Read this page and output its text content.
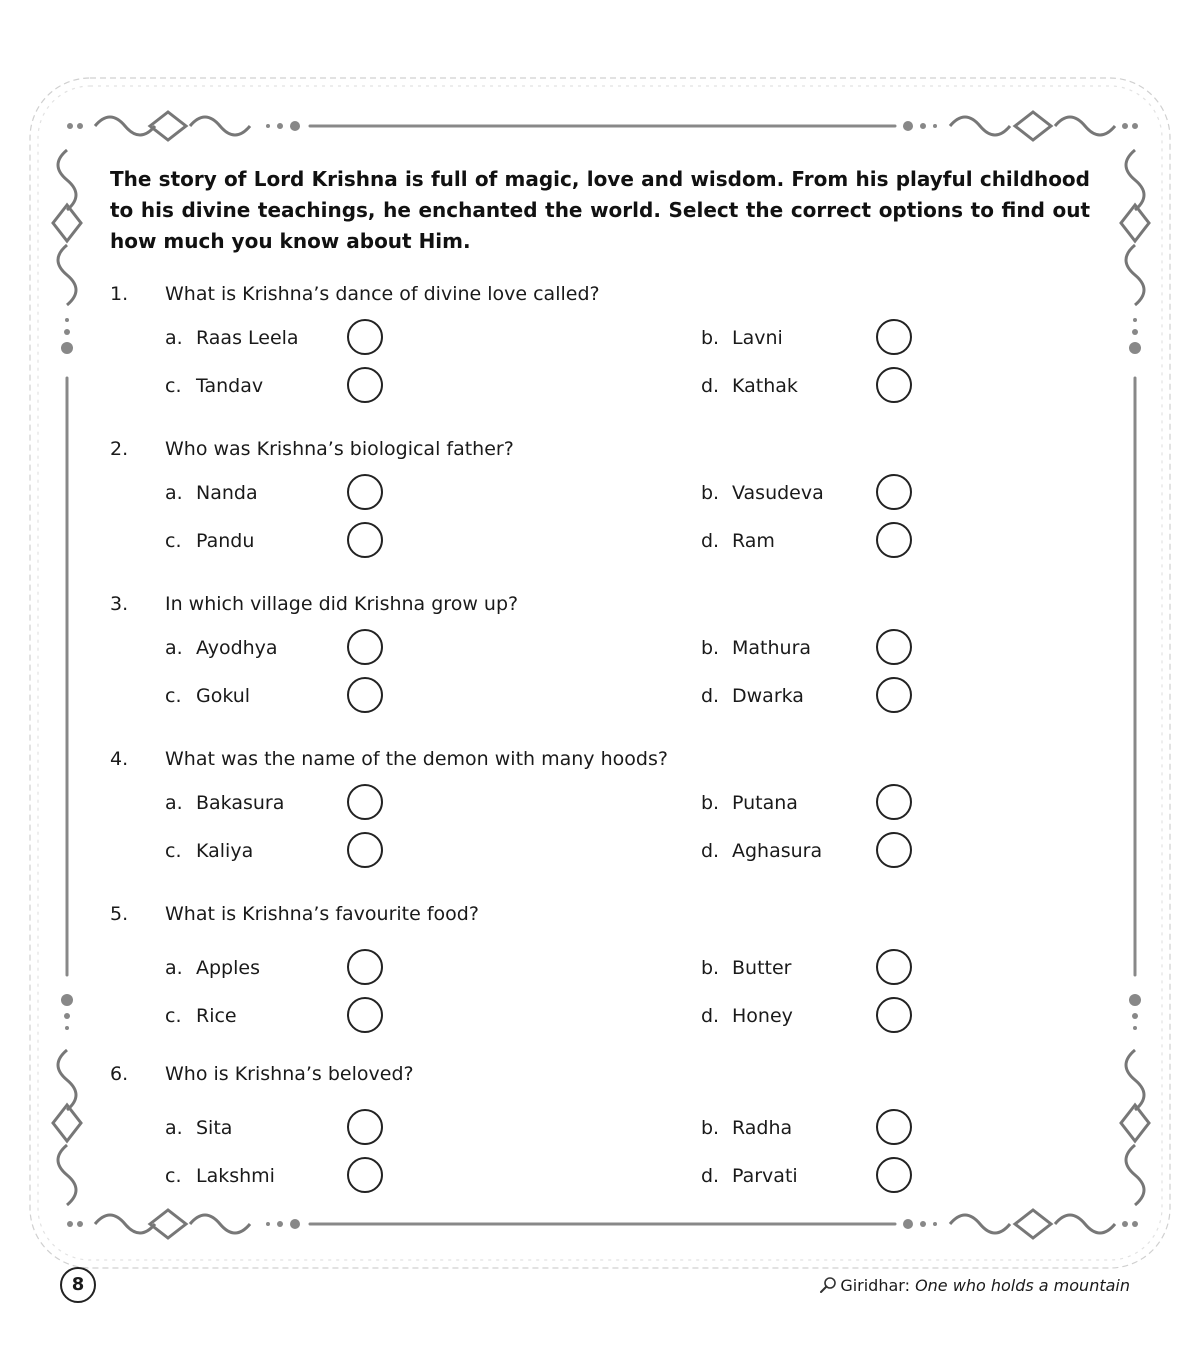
The story of Lord Krishna is full of magic, love and wisdom. From his playful childhood to his divine teachings, he enchanted the world. Select the correct options to find out how much you know about Him.
1. What is Krishna’s dance of divine love called?
a. Raas Leela	b. Lavni
c. Tandav	d. Kathak
2. Who was Krishna’s biological father?
a. Nanda	b. Vasudeva
c. Pandu	d. Ram
3. In which village did Krishna grow up?
a. Ayodhya	b. Mathura
c. Gokul	d. Dwarka
4. What was the name of the demon with many hoods?
a. Bakasura	b. Putana
c. Kaliya	d. Aghasura
5. What is Krishna’s favourite food?
a. Apples	b. Butter
c. Rice	d. Honey
6. Who is Krishna’s beloved?
a. Sita	b. Radha
c. Lakshmi	d. Parvati
8	Giridhar: One who holds a mountain
